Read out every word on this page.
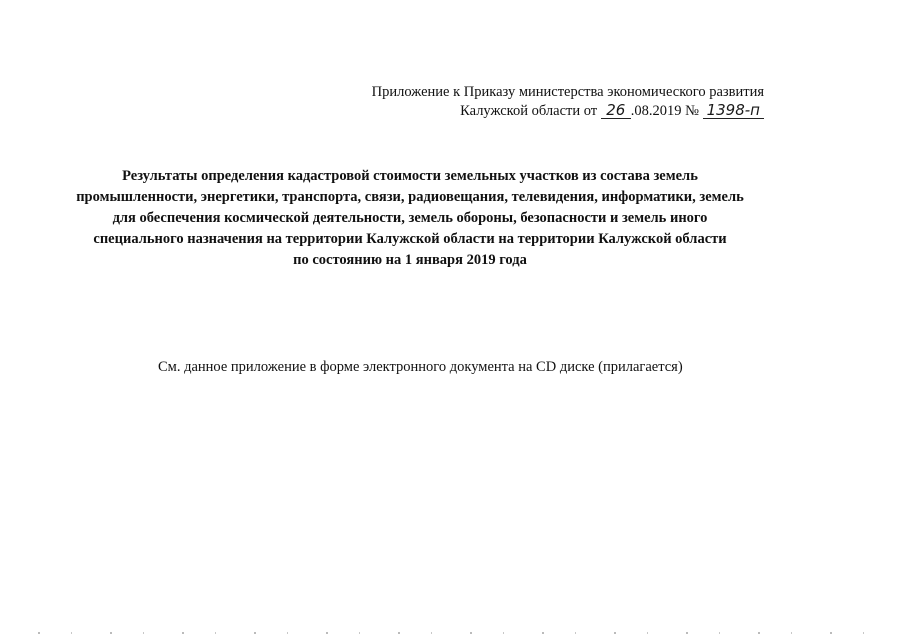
Приложение к Приказу министерства экономического развития
Калужской области от 26 .08.2019 № 1398-п
Результаты определения кадастровой стоимости земельных участков из состава земель
промышленности, энергетики, транспорта, связи, радиовещания, телевидения, информатики, земель
для обеспечения космической деятельности, земель обороны, безопасности и земель иного
специального назначения на территории Калужской области на территории Калужской области
по состоянию на 1 января 2019 года
См. данное приложение в форме электронного документа на CD диске (прилагается)
